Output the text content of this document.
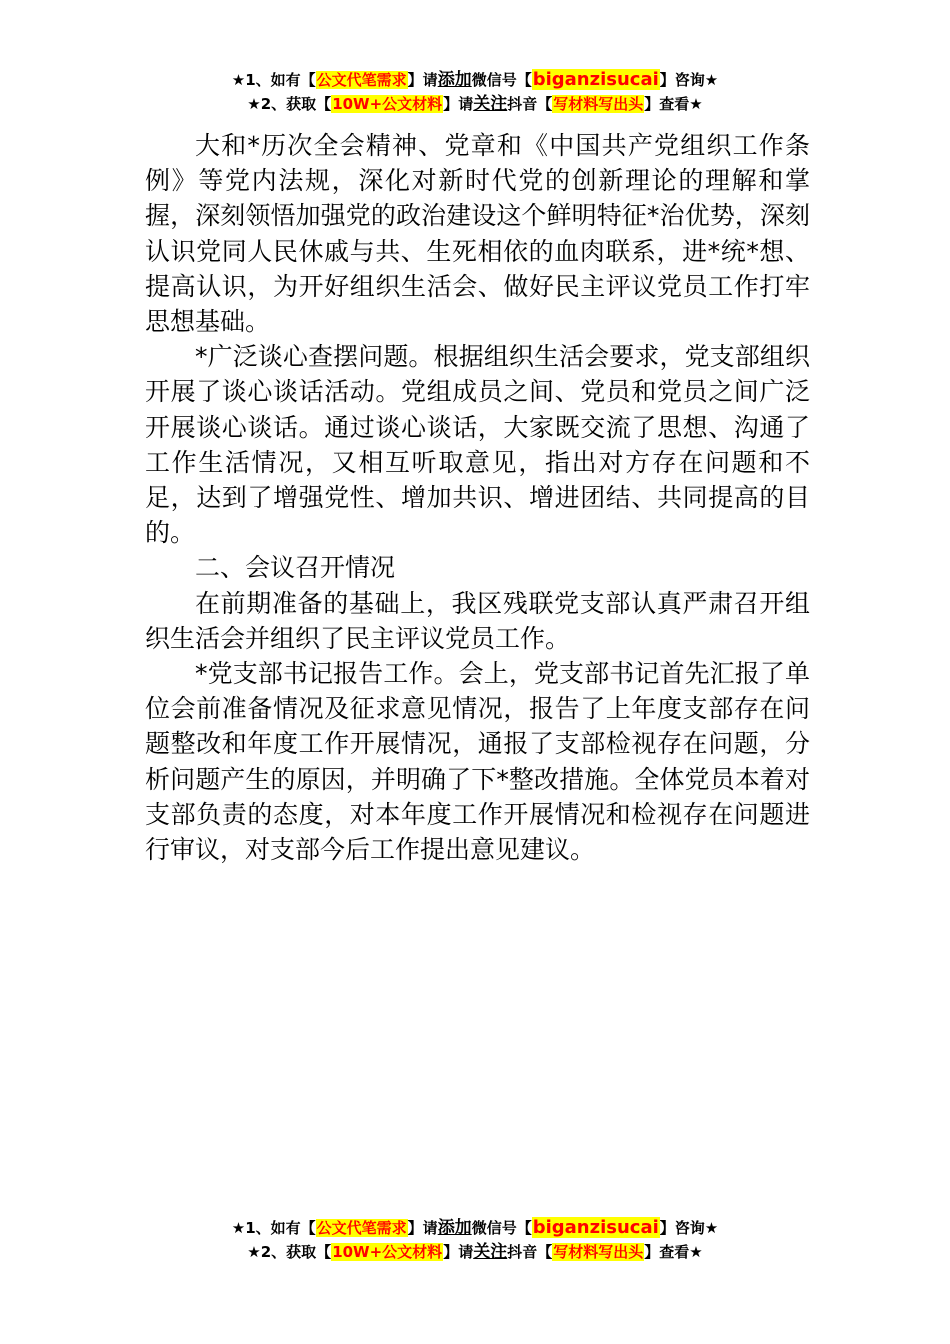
★1、如有【公文代笔需求】请添加微信号【biganzisucai】咨询★
★2、获取【10W+公文材料】请关注抖音【写材料写出头】查看★

大和*历次全会精神、党章和《中国共产党组织工作条例》等党内法规，深化对新时代党的创新理论的理解和掌握，深刻领悟加强党的政治建设这个鲜明特征*治优势，深刻认识党同人民休戚与共、生死相依的血肉联系，进*统*想、提高认识，为开好组织生活会、做好民主评议党员工作打牢思想基础。

*广泛谈心查摆问题。根据组织生活会要求，党支部组织开展了谈心谈话活动。党组成员之间、党员和党员之间广泛开展谈心谈话。通过谈心谈话，大家既交流了思想、沟通了工作生活情况，又相互听取意见，指出对方存在问题和不足，达到了增强党性、增加共识、增进团结、共同提高的目的。

二、会议召开情况

在前期准备的基础上，我区残联党支部认真严肃召开组织生活会并组织了民主评议党员工作。

*党支部书记报告工作。会上，党支部书记首先汇报了单位会前准备情况及征求意见情况，报告了上年度支部存在问题整改和年度工作开展情况，通报了支部检视存在问题，分析问题产生的原因，并明确了下*整改措施。全体党员本着对支部负责的态度，对本年度工作开展情况和检视存在问题进行审议，对支部今后工作提出意见建议。

★1、如有【公文代笔需求】请添加微信号【biganzisucai】咨询★
★2、获取【10W+公文材料】请关注抖音【写材料写出头】查看★
